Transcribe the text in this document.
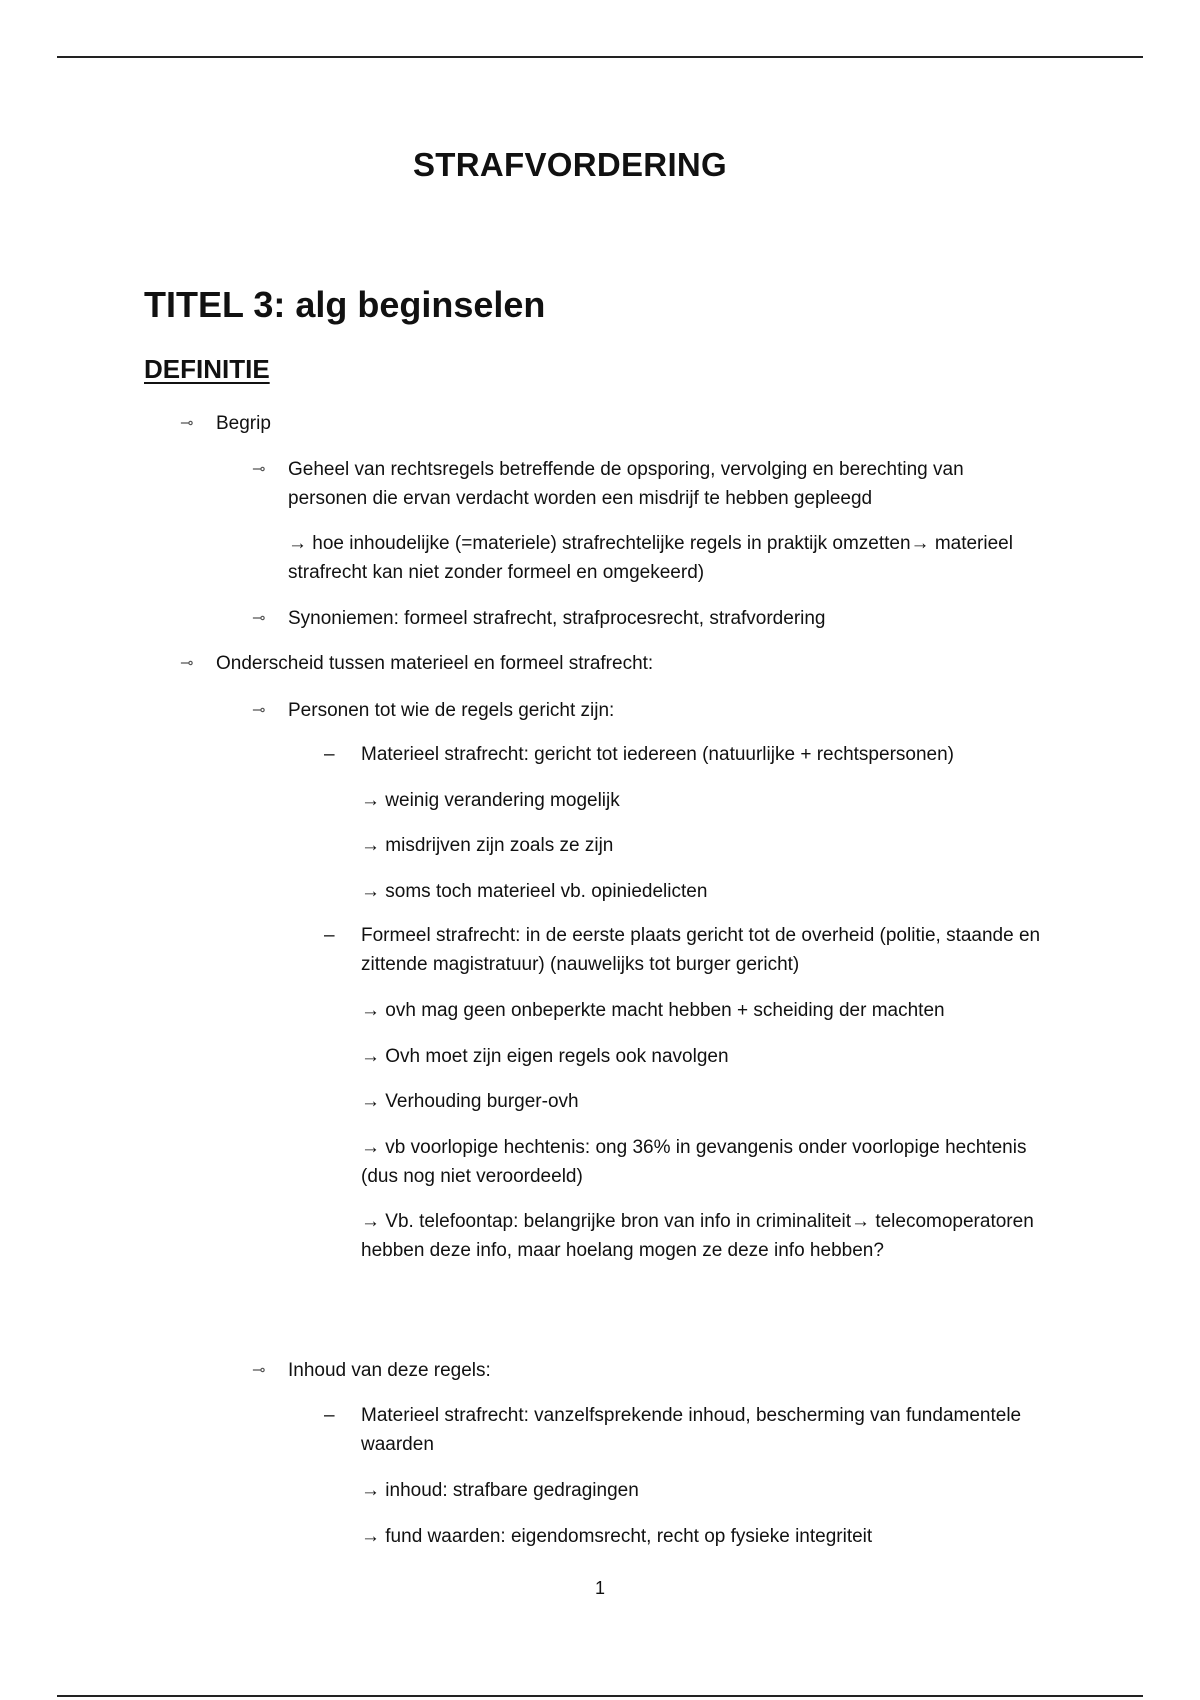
STRAFVORDERING
TITEL 3: alg beginselen
DEFINITIE
⊸ Begrip
⊸ Geheel van rechtsregels betreffende de opsporing, vervolging en berechting van personen die ervan verdacht worden een misdrijf te hebben gepleegd
→ hoe inhoudelijke (=materiele) strafrechtelijke regels in praktijk omzetten→ materieel strafrecht kan niet zonder formeel en omgekeerd)
⊸ Synoniemen: formeel strafrecht, strafprocesrecht, strafvordering
⊸ Onderscheid tussen materieel en formeel strafrecht:
⊸ Personen tot wie de regels gericht zijn:
– Materieel strafrecht: gericht tot iedereen (natuurlijke + rechtspersonen)
→ weinig verandering mogelijk
→ misdrijven zijn zoals ze zijn
→ soms toch materieel vb. opiniedelicten
– Formeel strafrecht: in de eerste plaats gericht tot de overheid (politie, staande en zittende magistratuur) (nauwelijks tot burger gericht)
→ ovh mag geen onbeperkte macht hebben + scheiding der machten
→ Ovh moet zijn eigen regels ook navolgen
→ Verhouding burger-ovh
→ vb voorlopige hechtenis: ong 36% in gevangenis onder voorlopige hechtenis (dus nog niet veroordeeld)
→ Vb. telefoontap: belangrijke bron van info in criminaliteit→ telecomoperatoren hebben deze info, maar hoelang mogen ze deze info hebben?
⊸ Inhoud van deze regels:
– Materieel strafrecht: vanzelfsprekende inhoud, bescherming van fundamentele waarden
→ inhoud: strafbare gedragingen
→ fund waarden: eigendomsrecht, recht op fysieke integriteit
1
